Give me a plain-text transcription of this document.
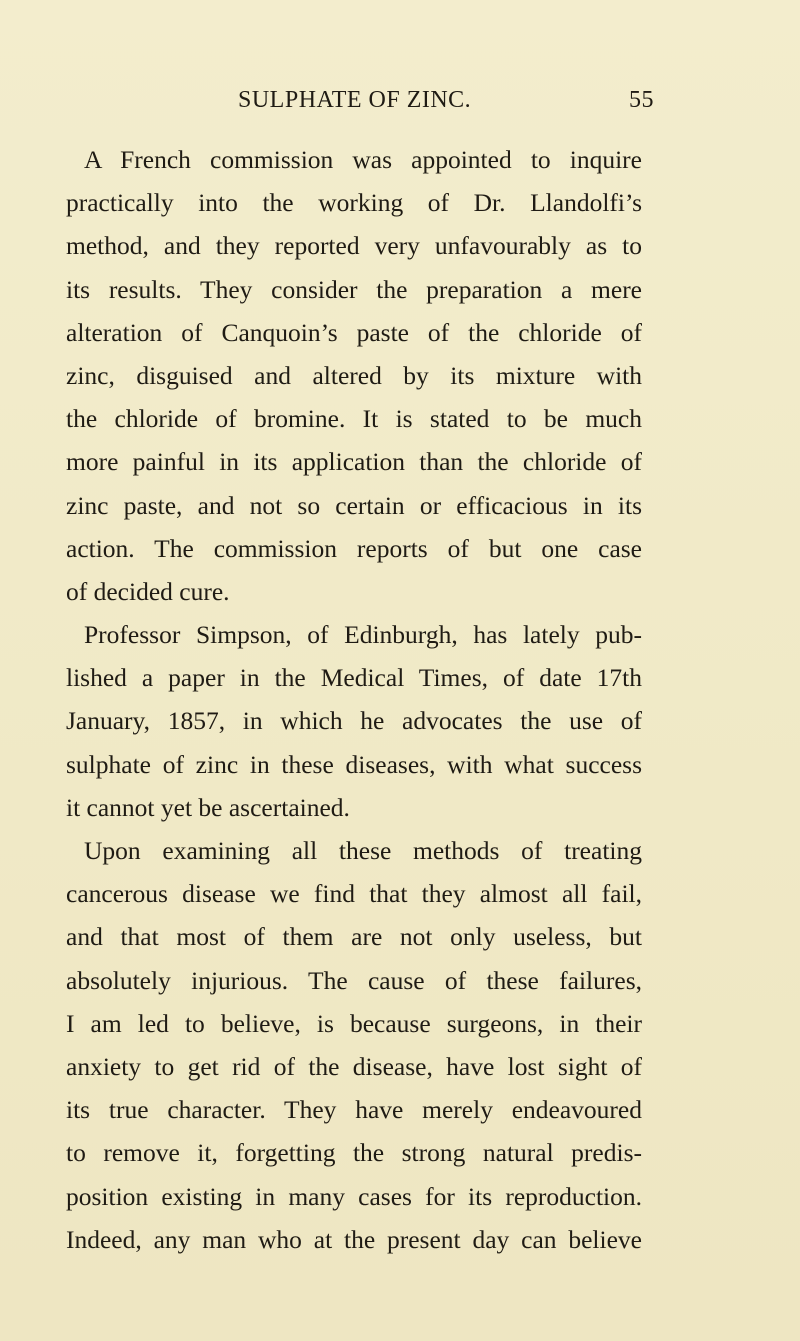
SULPHATE OF ZINC.	55
A French commission was appointed to inquire
practically into the working of Dr. Llandolfi’s
method, and they reported very unfavourably as to
its results. They consider the preparation a mere
alteration of Canquoin’s paste of the chloride of
zinc, disguised and altered by its mixture with
the chloride of bromine. It is stated to be much
more painful in its application than the chloride of
zinc paste, and not so certain or efficacious in its
action. The commission reports of but one case
of decided cure.
Professor Simpson, of Edinburgh, has lately pub-
lished a paper in the Medical Times, of date 17th
January, 1857, in which he advocates the use of
sulphate of zinc in these diseases, with what success
it cannot yet be ascertained.
Upon examining all these methods of treating
cancerous disease we find that they almost all fail,
and that most of them are not only useless, but
absolutely injurious. The cause of these failures,
I am led to believe, is because surgeons, in their
anxiety to get rid of the disease, have lost sight of
its true character. They have merely endeavoured
to remove it, forgetting the strong natural predis-
position existing in many cases for its reproduction.
Indeed, any man who at the present day can believe
